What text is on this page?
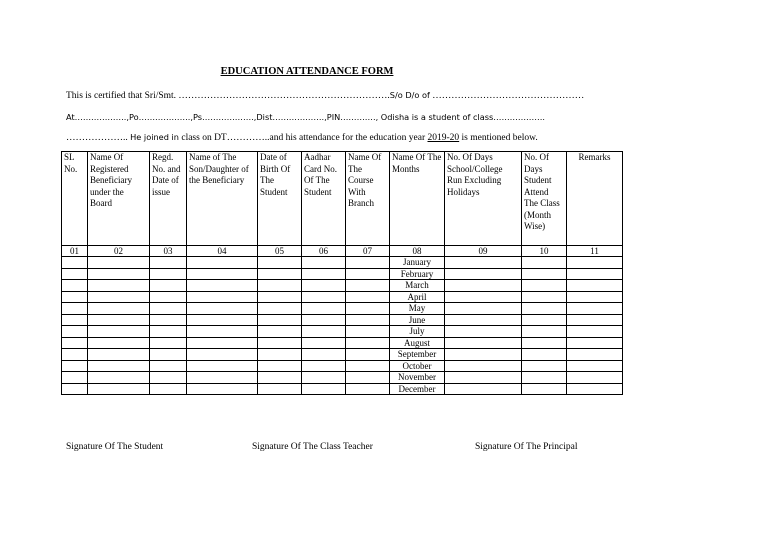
EDUCATION ATTENDANCE FORM
This is certified that Sri/Smt. ………………………………………………………….S/o D/o of …………………………………………
At……………….,Po……………….,Ps……………….,Dist……………….,PIN…………., Odisha is a student of class……………….
……………….. He joined in class on DT…………..and his attendance for the education year 2019-20 is mentioned below.
SL No.	Name Of Registered Beneficiary under the Board	Regd. No. and Date of issue	Name of The Son/Daughter of the Beneficiary	Date of Birth Of The Student	Aadhar Card No. Of The Student	Name Of The Course With Branch	Name Of The Months	No. Of Days School/College Run Excluding Holidays	No. Of Days Student Attend The Class (Month Wise)	Remarks
01	02	03	04	05	06	07	08	09	10	11
							January			
							February			
							March			
							April			
							May			
							June			
							July			
							August			
							September			
							October			
							November			
							December			
Signature Of The Student	Signature Of The Class Teacher	Signature Of The Principal
